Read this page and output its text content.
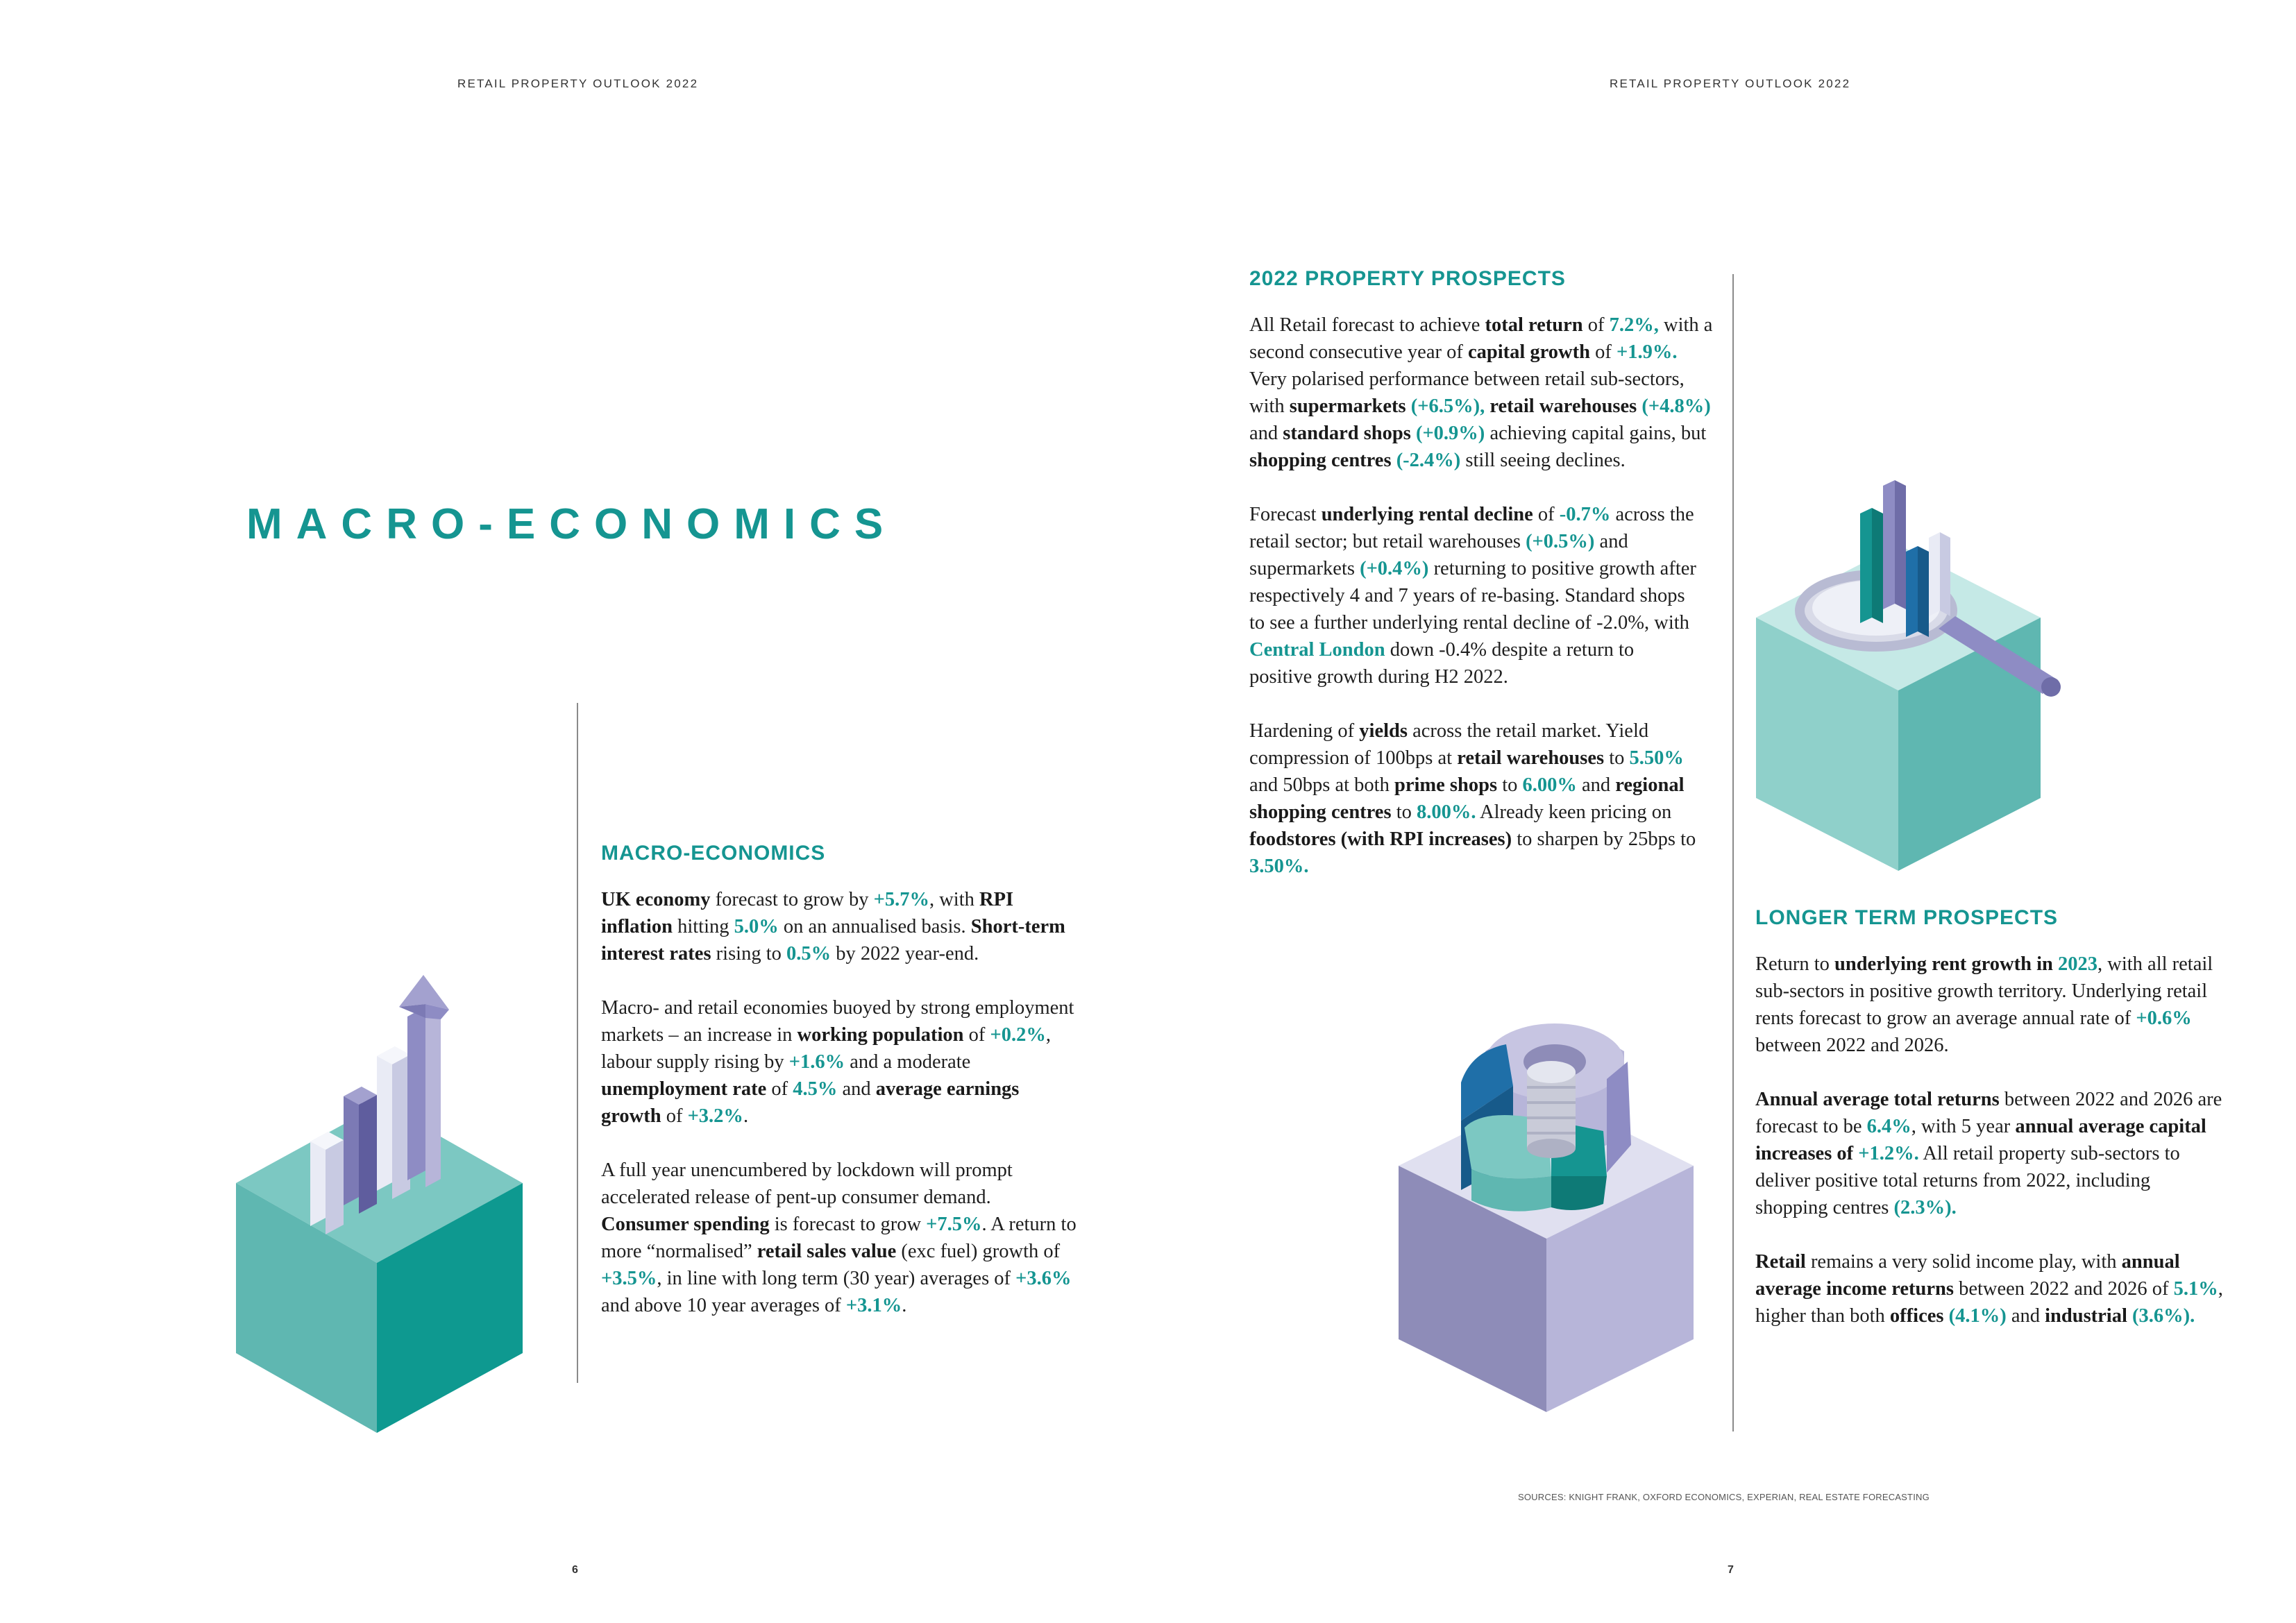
RETAIL PROPERTY OUTLOOK 2022	RETAIL PROPERTY OUTLOOK 2022
MACRO-ECONOMICS
MACRO-ECONOMICS

UK economy forecast to grow by +5.7%, with RPI inflation hitting 5.0% on an annualised basis. Short-term interest rates rising to 0.5% by 2022 year-end.

Macro- and retail economies buoyed by strong employment markets – an increase in working population of +0.2%, labour supply rising by +1.6% and a moderate unemployment rate of 4.5% and average earnings growth of +3.2%.

A full year unencumbered by lockdown will prompt accelerated release of pent-up consumer demand. Consumer spending is forecast to grow +7.5%. A return to more “normalised” retail sales value (exc fuel) growth of +3.5%, in line with long term (30 year) averages of +3.6% and above 10 year averages of +3.1%.

2022 PROPERTY PROSPECTS

All Retail forecast to achieve total return of 7.2%, with a second consecutive year of capital growth of +1.9%. Very polarised performance between retail sub-sectors, with supermarkets (+6.5%), retail warehouses (+4.8%) and standard shops (+0.9%) achieving capital gains, but shopping centres (-2.4%) still seeing declines.

Forecast underlying rental decline of -0.7% across the retail sector; but retail warehouses (+0.5%) and supermarkets (+0.4%) returning to positive growth after respectively 4 and 7 years of re-basing. Standard shops to see a further underlying rental decline of -2.0%, with Central London down -0.4% despite a return to positive growth during H2 2022.

Hardening of yields across the retail market. Yield compression of 100bps at retail warehouses to 5.50% and 50bps at both prime shops to 6.00% and regional shopping centres to 8.00%. Already keen pricing on foodstores (with RPI increases) to sharpen by 25bps to 3.50%.

LONGER TERM PROSPECTS

Return to underlying rent growth in 2023, with all retail sub-sectors in positive growth territory. Underlying retail rents forecast to grow an average annual rate of +0.6% between 2022 and 2026.

Annual average total returns between 2022 and 2026 are forecast to be 6.4%, with 5 year annual average capital increases of +1.2%. All retail property sub-sectors to deliver positive total returns from 2022, including shopping centres (2.3%).

Retail remains a very solid income play, with annual average income returns between 2022 and 2026 of 5.1%, higher than both offices (4.1%) and industrial (3.6%).

SOURCES: KNIGHT FRANK, OXFORD ECONOMICS, EXPERIAN, REAL ESTATE FORECASTING
6	7
